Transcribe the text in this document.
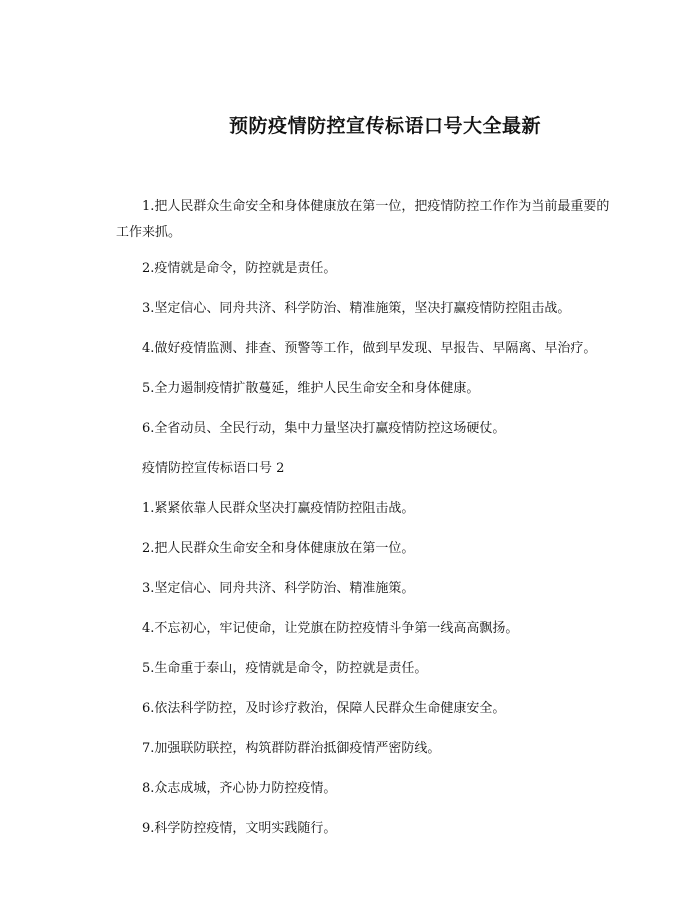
预防疫情防控宣传标语口号大全最新

1.把人民群众生命安全和身体健康放在第一位，把疫情防控工作作为当前最重要的工作来抓。

2.疫情就是命令，防控就是责任。

3.坚定信心、同舟共济、科学防治、精准施策，坚决打赢疫情防控阻击战。

4.做好疫情监测、排查、预警等工作，做到早发现、早报告、早隔离、早治疗。

5.全力遏制疫情扩散蔓延，维护人民生命安全和身体健康。

6.全省动员、全民行动，集中力量坚决打赢疫情防控这场硬仗。

疫情防控宣传标语口号 2

1.紧紧依靠人民群众坚决打赢疫情防控阻击战。

2.把人民群众生命安全和身体健康放在第一位。

3.坚定信心、同舟共济、科学防治、精准施策。

4.不忘初心，牢记使命，让党旗在防控疫情斗争第一线高高飘扬。

5.生命重于泰山，疫情就是命令，防控就是责任。

6.依法科学防控，及时诊疗救治，保障人民群众生命健康安全。

7.加强联防联控，构筑群防群治抵御疫情严密防线。

8.众志成城，齐心协力防控疫情。

9.科学防控疫情，文明实践随行。
